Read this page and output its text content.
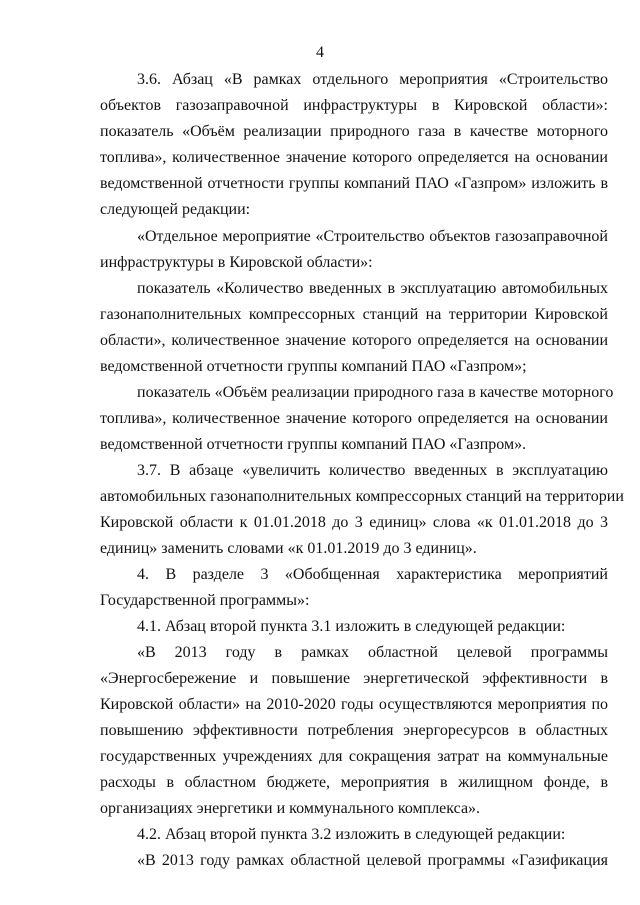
4
3.6. Абзац «В рамках отдельного мероприятия «Строительство
объектов газозаправочной инфраструктуры в Кировской области»:
показатель «Объём реализации природного газа в качестве моторного
топлива», количественное значение которого определяется на основании
ведомственной отчетности группы компаний ПАО «Газпром» изложить в
следующей редакции:
«Отдельное мероприятие «Строительство объектов газозаправочной
инфраструктуры в Кировской области»:
показатель «Количество введенных в эксплуатацию автомобильных
газонаполнительных компрессорных станций на территории Кировской
области», количественное значение которого определяется на основании
ведомственной отчетности группы компаний ПАО «Газпром»;
показатель «Объём реализации природного газа в качестве моторного
топлива», количественное значение которого определяется на основании
ведомственной отчетности группы компаний ПАО «Газпром».
3.7. В абзаце «увеличить количество введенных в эксплуатацию
автомобильных газонаполнительных компрессорных станций на территории
Кировской области к 01.01.2018 до 3 единиц» слова «к 01.01.2018 до 3
единиц» заменить словами «к 01.01.2019 до 3 единиц».
4. В разделе 3 «Обобщенная характеристика мероприятий
Государственной программы»:
4.1. Абзац второй пункта 3.1 изложить в следующей редакции:
«В 2013 году в рамках областной целевой программы
«Энергосбережение и повышение энергетической эффективности в
Кировской области» на 2010-2020 годы осуществляются мероприятия по
повышению эффективности потребления энергоресурсов в областных
государственных учреждениях для сокращения затрат на коммунальные
расходы в областном бюджете, мероприятия в жилищном фонде, в
организациях энергетики и коммунального комплекса».
4.2. Абзац второй пункта 3.2 изложить в следующей редакции:
«В 2013 году рамках областной целевой программы «Газификация
